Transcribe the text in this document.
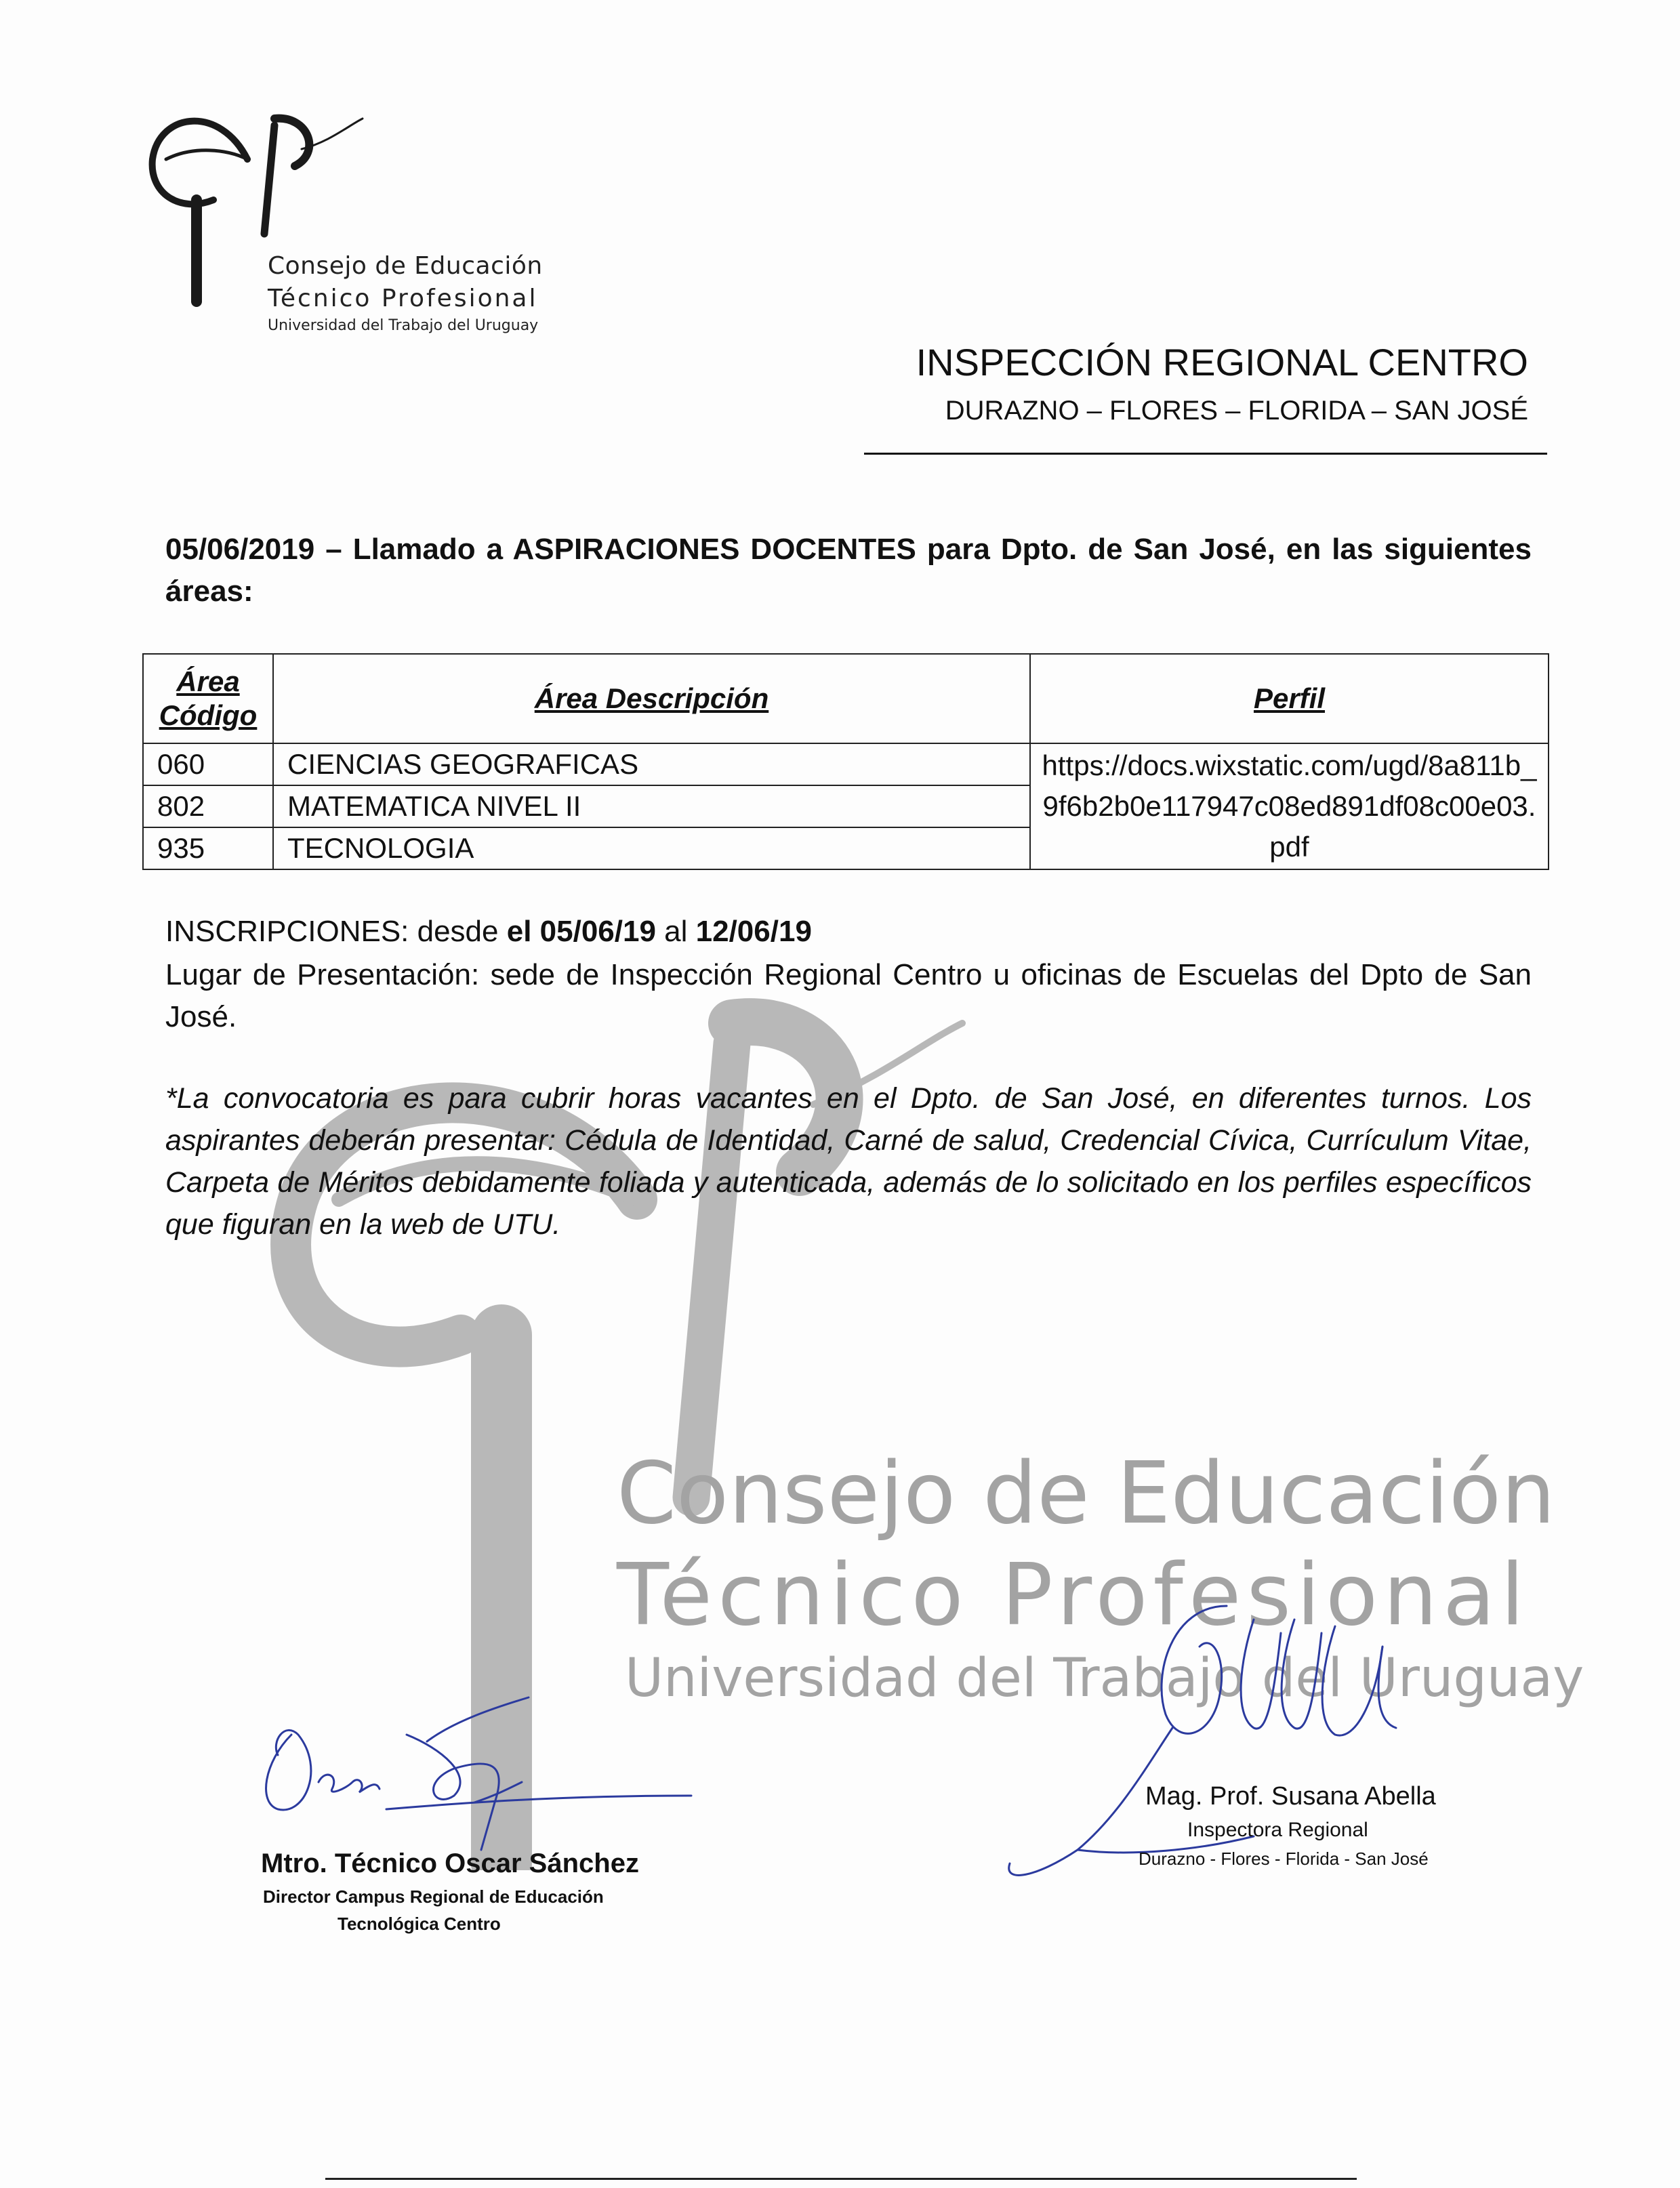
Consejo de Educación
Técnico Profesional
Universidad del Trabajo del Uruguay
Consejo de Educación
Técnico Profesional
Universidad del Trabajo del Uruguay
INSPECCIÓN REGIONAL CENTRO
DURAZNO – FLORES – FLORIDA – SAN JOSÉ
05/06/2019 – Llamado a ASPIRACIONES DOCENTES para Dpto. de San José, en las siguientes áreas:
Área
Código	Área Descripción	Perfil
060	CIENCIAS GEOGRAFICAS	https://docs.wixstatic.com/ugd/8a811b_9f6b2b0e117947c08ed891df08c00e03.pdf
802	MATEMATICA NIVEL II	
935	TECNOLOGIA	
INSCRIPCIONES: desde el 05/06/19 al 12/06/19
Lugar de Presentación: sede de Inspección Regional Centro u oficinas de Escuelas del Dpto de San José.
*La convocatoria es para cubrir horas vacantes en el Dpto. de San José, en diferentes turnos. Los aspirantes deberán presentar: Cédula de Identidad, Carné de salud, Credencial Cívica, Currículum Vitae, Carpeta de Méritos debidamente foliada y autenticada, además de lo solicitado en los perfiles específicos que figuran en la web de UTU.
Mtro. Técnico Oscar Sánchez
Director Campus Regional de Educación
Tecnológica Centro
Mag. Prof. Susana Abella
Inspectora Regional
Durazno - Flores - Florida - San José
